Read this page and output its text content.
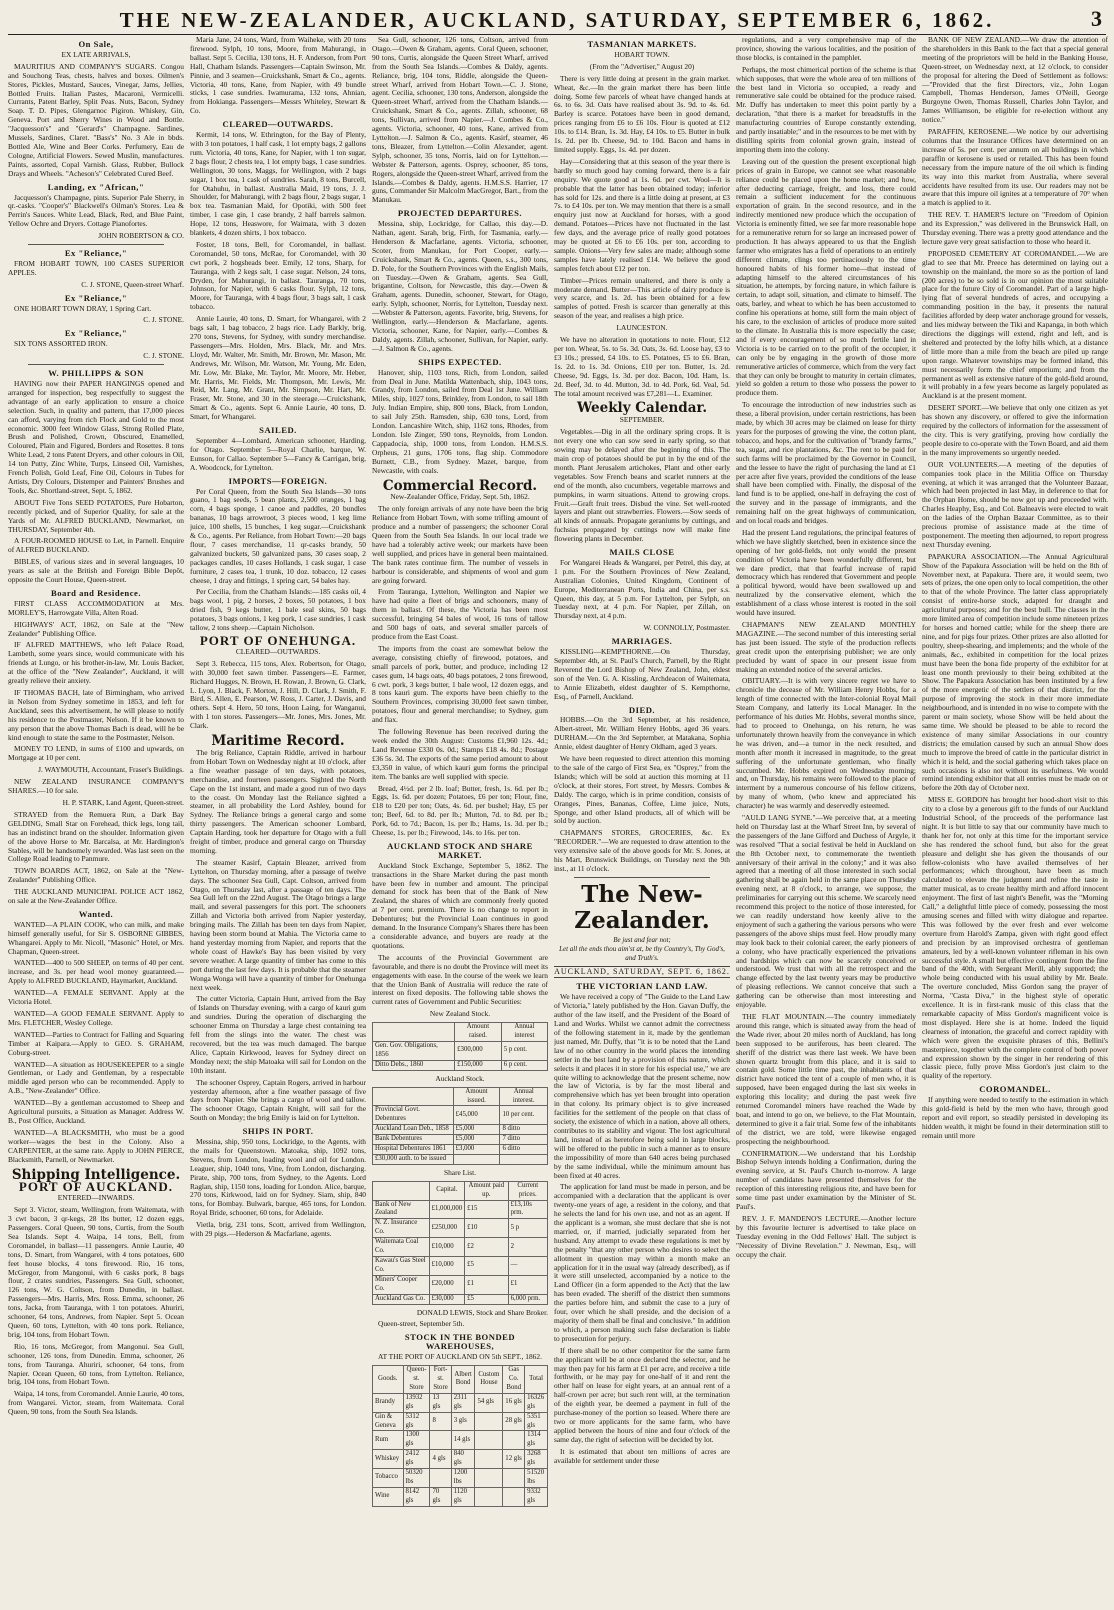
THE NEW-ZEALANDER, AUCKLAND, SATURDAY, SEPTEMBER 6, 1862.	3

On Sale,

EX LATE ARRIVALS,

MAURITIUS AND COMPANY'S SUGARS. Congou and Souchong Teas, chests, halves and boxes. Oilmen's Stores, Pickles, Mustard, Sauces, Vinegar, Jams, Jellies, Bottled Fruits. Italian Pastes, Macaroni, Vermicelli. Currants, Patent Barley, Split Peas. Nuts, Bacon, Sydney Soap. T. D. Pipes, Glengarnoc Pigiron. Whiskey, Gin, Geneva. Port and Sherry Wines in Wood and Bottle. "Jacquesson's" and "Gerard's" Champagne. Sardines, Mussels, Sardines, Claret. "Bass's" No. 3 Ale in bbds. Bottled Ale, Wine and Beer Corks. Perfumery, Eau de Cologne, Artificial Flowers. Sewed Muslin, manufactures. Paints, assorted, Copal Varnish. Glass, Rubber, Bullock Drays and Wheels. "Acheson's" Celebrated Cured Beef.

Landing, ex "African,"

Jacquesson's Champagne, pints. Superior Pale Sherry, in qr.-casks. "Cooper's" Blackwell's Oilman's Stores. Lea & Perrin's Sauces. White Lead, Black, Red, and Blue Paint, Yellow Ochre and Dryers. Cottage Pianofortes.

JOHN ROBERTSON & CO.

Ex "Reliance,"

FROM HOBART TOWN, 100 CASES SUPERIOR APPLES.

C. J. STONE, Queen-street Wharf.

Ex "Reliance,"

ONE HOBART TOWN DRAY, 1 Spring Cart.

C. J. STONE.

Ex "Reliance,"

SIX TONS ASSORTED IRON.

C. J. STONE.

W. PHILLIPPS & SON

HAVING now their PAPER HANGINGS opened and arranged for inspection, beg respectfully to suggest the advantage of an early application to ensure a choice selection. Such, in quality and pattern, that 17,000 pieces can afford, varying from rich Flock and Gold to the most economic. 3000 feet Window Glass, Strong Rolled Plate, Brush and Polished, Crown, Obscured, Enamelled, Coloured, Plain and Figured, Borders and Rosettes. 8 tons White Lead, 2 tons Patent Dryers, and other colours in Oil, 14 ton Putty, Zinc White, Turps, Linseed Oil, Varnishes, French Polish, Gold Leaf, Fine Oil, Colours in Tubes for Artists, Dry Colours, Distemper and Painters' Brushes and Tools, &c. Shortland-street, Sept. 5, 1862.

ABOUT Five Tons SEED POTATOES, Pure Hobarton, recently picked, and of Superior Quality, for sale at the Yards of Mr. ALFRED BUCKLAND, Newmarket, on THURSDAY, September 4th.

A FOUR-ROOMED HOUSE to Let, in Parnell. Enquire of ALFRED BUCKLAND.

BIBLES, of various sizes and in several languages, 10 years as sale at the British and Foreign Bible Depôt, opposite the Court House, Queen-street.

Board and Residence.

FIRST CLASS ACCOMMODATION at Mrs. MORLEY'S, Harrowgate Villa, Alten Road.

HIGHWAYS' ACT, 1862, on Sale at the "New Zealander" Publishing Office.

IF ALFRED MATTHEWS, who left Palace Road, Lambeth, some years since, would communicate with his friends at Lungo, or his brother-in-law, Mr. Louis Backer, at the office of the "New Zealander", Auckland, it will greatly relieve their anxiety.

IF THOMAS BACH, late of Birmingham, who arrived in Nelson from Sydney sometime in 1853, and left for Auckland, sees this advertisement, he will please to notify his residence to the Postmaster, Nelson. If it be known to any person that the above Thomas Bach is dead, will he be kind enough to state the same to the Postmaster, Nelson.

MONEY TO LEND, in sums of £100 and upwards, on Mortgage at 10 per cent.

J. WAYMOUTH, Accountant, Fraser's Buildings.

NEW ZEALAND INSURANCE COMPANY'S SHARES.—10 for sale.

H. P. STARK, Land Agent, Queen-street.

STRAYED from the Remuera Run, a Dark Bay GELDING, Small Star on Forehead, thick legs, long tail, has an indistinct brand on the shoulder. Information given of the above Horse to Mr. Barcalsa, at Mr. Hardington's Stables, will be handsomely rewarded. Was last seen on the College Road leading to Panmure.

TOWN BOARDS ACT, 1862, on Sale at the "New-Zealander" Publishing Office.

THE AUCKLAND MUNICIPAL POLICE ACT 1862, on sale at the New-Zealander Office.

Wanted.

WANTED—A PLAIN COOK, who can milk, and make himself generally useful, for Sir S. OSBORNE GIBBES, Whangarei. Apply to Mr. Nicoll, "Masonic" Hotel, or Mrs. Chapman, Queen-street.

WANTED—400 to 500 SHEEP, on terms of 40 per cent. increase, and 3s. per head wool money guaranteed.—Apply to ALFRED BUCKLAND, Haymarket, Auckland.

WANTED—A FEMALE SERVANT. Apply at the Victoria Hotel.

WANTED—A GOOD FEMALE SERVANT. Apply to Mrs. FLETCHER, Wesley College.

WANTED—Parties to Contract for Falling and Squaring Timber at Kaipara.—Apply to GEO. S. GRAHAM, Coburg-street.

WANTED—A situation as HOUSEKEEPER to a single Gentleman, or Lady and Gentleman, by a respectable middle aged person who can be recommended. Apply to A.B., "New-Zealander" Office.

WANTED—By a gentleman accustomed to Sheep and Agricultural pursuits, a Situation as Manager. Address W. B., Post Office, Auckland.

WANTED—A BLACKSMITH, who must be a good worker—wages the best in the Colony. Also a CARPENTER, at the same rate. Apply to JOHN PIERCE, Blacksmith, Parnell, or Newmarket.

Shipping Intelligence.

PORT OF AUCKLAND.

ENTERED—INWARDS.

Sept 3. Victor, steam, Wellington, from Waitemata, with 3 cwt bacon, 3 qr-kegs, 28 lbs butter, 12 dozen eggs, Passengers. Coral Queen, 90 tons, Curtis, from the South Sea Islands. Sept 4. Waipa, 14 tons, Bell, from Coromandel, in ballast—11 passengers. Annie Laurie, 40 tons, D. Smart, from Wangarei, with 4 tons potatoes, 600 feet house blocks, 4 tons firewood. Rio, 16 tons, McGregor, from Mangonui, with 6 casks pork, 8 bags flour, 2 crates sundries, Passengers. Sea Gull, schooner, 126 tons, W. G. Coltson, from Dunedin, in ballast. Passengers—Mrs. Harris, Mrs. Ross. Emma, schooner, 26 tons, Jacka, from Tauranga, with 1 ton potatoes. Ahuriri, schooner, 64 tons, Andrews, from Napier. Sept 5. Ocean Queen, 60 tons, Lyttelton, with 40 tons pork. Reliance, brig, 104 tons, from Hobart Town.

Rio, 16 tons, McGregor, from Mangonui. Sea Gull, schooner, 126 tons, from Dunedin. Emma, schooner, 26 tons, from Tauranga. Ahuriri, schooner, 64 tons, from Napier. Ocean Queen, 60 tons, from Lyttelton. Reliance, brig, 104 tons, from Hobart Town.

Waipa, 14 tons, from Coromandel. Annie Laurie, 40 tons, from Wangarei. Victor, steam, from Waitemata. Coral Queen, 90 tons, from the South Sea Islands.

Maria Jane, 24 tons, Ward, from Waiheke, with 20 tons firewood. Sylph, 10 tons, Moore, from Mahurangi, in ballast. Sept 5. Cecilia, 130 tons, H. F. Anderson, from Port Hall, Chatham Islands. Passengers—Captain Swinson, Mr. Pinnie, and 3 seamen—Cruickshank, Smart & Co., agents. Victoria, 40 tons, Kane, from Napier, with 49 bundle sticks, 1 case sundries. Iwamurama, 132 tons, Ahnian, from Hokianga. Passengers—Messrs Whiteley, Stewart & Co.

CLEARED—OUTWARDS.

Kermit, 14 tons, W. Ethrington, for the Bay of Plenty, with 3 ton potatoes, 1 half cask, 1 lot empty bags, 2 gallons rum. Victoria, 40 tons, Kane, for Napier, with 1 ton sugar, 2 bags flour, 2 chests tea, 1 lot empty bags, 1 case sundries. Wellington, 30 tons, Maggs, for Wellington, with 2 bags sugar, 1 box tea, 1 cask of sundries. Sarah, 8 tons, Burcell, for Otahuhu, in ballast. Australia Maid, 19 tons, J. J. Shoulder, for Mahurangi, with 2 bags flour, 2 bags sugar, 1 box tea. Tasmanian Maid, for Opotiki, with 500 feet timber, 1 case gin, 1 case brandy, 2 half barrels salmon. Hope, 12 tons, Heaswore, for Waimata, with 3 dozen blankets, 4 dozen shirts, 1 box tobacco.

Foster, 18 tons, Bell, for Coromandel, in ballast. Coromandel, 50 tons, McRae, for Coromandel, with 30 cwt pork, 2 hogsheads beer. Emily, 12 tons, Sharp, for Tauranga, with 2 kegs salt, 1 case sugar. Nelson, 24 tons, Dryden, for Mahurangi, in ballast. Tauranga, 70 tons, Johnson, for Napier, with 6 casks flour. Sylph, 12 tons, Moore, for Tauranga, with 4 bags flour, 3 bags salt, 1 cask tobacco.

Annie Laurie, 40 tons, D. Smart, for Whangarei, with 2 bags salt, 1 bag tobacco, 2 bags rice. Lady Barkly, brig, 270 tons, Stevens, for Sydney, with sundry merchandise. Passengers—Mrs. Holden, Mrs. Black, Mr. and Mrs. Lloyd, Mr. Walter, Mr. Smith, Mr. Brown, Mr. Mason, Mr. Andrews, Mr. Wilson, Mr. Watson, Mr. Young, Mr. Eden, Mr. Low, Mr. Blake, Mr. Taylor, Mr. Moore, Mr. Heber, Mr. Harris, Mr. Fields, Mr. Thompson, Mr. Lewis, Mr. Reid, Mr. Lang, Mr. Grant, Mr. Simpson, Mr. Hart, Mr. Fraser, Mr. Stone, and 30 in the steerage.—Cruickshank, Smart & Co., agents. Sept 6. Annie Laurie, 40 tons, D. Smart, for Whangarei.

SAILED.

September 4—Lombard, American schooner, Harding, for Otago. September 5—Royal Charlie, barque, W. Eunson, for Callao. September 5—Fancy & Carrigan, brig, A. Woodcock, for Lyttelton.

IMPORTS—FOREIGN.

Per Coral Queen, from the South Sea Islands—30 tons guano, 1 bag seeds, 5 bean plants, 2,500 oranges, 1 bag corn, 4 bags sponge, 1 canoe and paddles, 20 bundles bananas, 10 bags arrowroot, 3 pieces wood, 1 keg lime juice, 100 shells, 15 bunches, 1 keg sugar.—Cruickshank & Co., agents. Per Reliance, from Hobart Town:—20 bags flour, 7 cases merchandise, 11 qr-casks brandy, 50 galvanized buckets, 50 galvanized pans, 30 cases soap, 2 packages candles, 10 cases Hollands, 1 cask sugar, 1 case furniture, 2 cases tea, 1 trunk, 10 doz. tobacco, 12 cases cheese, 1 dray and fittings, 1 spring cart, 54 bales hay.

Per Cecilia, from the Chatham Islands:—185 casks oil, 4 bags wool, 1 pig, 2 horses, 2 boxes, 50 potatoes, 1 box dried fish, 9 kegs butter, 1 bale seal skins, 50 bags potatoes, 3 bags onions, 1 keg pork, 1 case sundries, 1 cask tallow, 2 tons sheep.—Captain Nicholson.

PORT OF ONEHUNGA.

CLEARED—OUTWARDS.

Sept 3. Rebecca, 115 tons, Alex. Robertson, for Otago, with 30,000 feet sawn timber. Passengers—E. Farmer, Richard Hugges, N. Brown, H. Rowan, J. Brown, G. Clark, L. Lyon, J. Black, F. Morton, J. Hill, D. Clark, J. Smith, F. Bird, S. Allen, E. Pearson, W. Ross, J. Carter, J. Davis, and others. Sept 4. Hero, 50 tons, Hoon Laing, for Wanganui, with 1 ton stores. Passengers—Mr. Jones, Mrs. Jones, Mr. Clark.

Maritime Record.

The brig Reliance, Captain Riddle, arrived in harbour from Hobart Town on Wednesday night at 10 o'clock, after a fine weather passage of ten days, with potatoes, merchandise, and fourteen passengers. Sighted the North Cape on the 1st instant, and made a good run of two days to the coast. On Monday last the Reliance sighted a steamer, in all probability the Lord Ashley, bound for Sydney. The Reliance brings a general cargo and some thirty passengers. The American schooner Lombard, Captain Harding, took her departure for Otago with a full freight of timber, produce and general cargo on Thursday morning.

The steamer Kasirf, Captain Bleazer, arrived from Lyttelton, on Thursday morning, after a passage of twelve days. The schooner Sea Gull, Capt. Coltson, arrived from Otago, on Thursday last, after a passage of ten days. The Sea Gull left on the 22nd August. The Otago brings a large mail, and several passengers for this port. The schooners Zillah and Victoria both arrived from Napier yesterday, bringing mails. The Zillah has been ten days from Napier, having been storm bound at Mahia. The Victoria came to hand yesterday morning from Napier, and reports that the whole coast of Hawke's Bay has been visited by very severe weather. A large quantity of timber has come to this port during the last few days. It is probable that the steamer Wonga Wonga will have a quantity of timber for Onehunga next week.

The cutter Victoria, Captain Hunt, arrived from the Bay of Islands on Thursday evening, with a cargo of kauri gum and sundries. During the operation of discharging the schooner Emma on Thursday a large chest containing tea fell from the slings into the water. The chest was recovered, but the tea was much damaged. The barque Alice, Captain Kirkwood, leaves for Sydney direct on Monday next; the ship Matoaka will sail for London on the 10th instant.

The schooner Osprey, Captain Rogers, arrived in harbour yesterday afternoon, after a fine weather passage of five days from Napier. She brings a cargo of wool and tallow. The schooner Otago, Captain Knight, will sail for the South on Monday; the brig Emily is laid on for Lyttelton.

SHIPS IN PORT.

Messina, ship, 950 tons, Lockridge, to the Agents, with the mails for Queenstown. Matoaka, ship, 1092 tons, Stevens, from London, loading wool and oil for London. Leaguer, ship, 1040 tons, Vine, from London, discharging. Pirate, ship, 700 tons, from Sydney, to the Agents. Lord Raglan, ship, 1150 tons, loading for London. Alice, barque, 270 tons, Kirkwood, laid on for Sydney. Siam, ship, 840 tons, for Bombay. Bulwark, barque, 465 tons, for London. Royal Bride, schooner, 60 tons, for Adelaide.

Vietla, brig, 231 tons, Scott, arrived from Wellington, with 29 pigs.—Hederson & Macfarlane, agents.

Sea Gull, schooner, 126 tons, Coltson, arrived from Otago.—Owen & Graham, agents. Coral Queen, schooner, 90 tons, Curtis, alongside the Queen Street Wharf, arrived from the South Sea Islands.—Combes & Daldy, agents. Reliance, brig, 104 tons, Riddle, alongside the Queen-street Wharf, arrived from Hobart Town.—C. J. Stone, agent. Cecilia, schooner, 130 tons, Anderson, alongside the Queen-street Wharf, arrived from the Chatham Islands.—Cruickshank, Smart & Co., agents. Zillah, schooner, 68 tons, Sullivan, arrived from Napier.—J. Combes & Co., agents. Victoria, schooner, 40 tons, Kane, arrived from Lyttelton.—J. Salmon & Co., agents. Kasirf, steamer, 46 tons, Bleazer, from Lyttelton.—Colin Alexander, agent. Sylph, schooner, 35 tons, Norris, laid on for Lyttelton.—Webster & Patterson, agents. Osprey, schooner, 85 tons, Rogers, alongside the Queen-street Wharf, arrived from the Islands.—Combes & Daldy, agents. H.M.S.S. Harrier, 17 guns, Commander Sir Malcolm MacGregor, Bart., from the Manukau.

PROJECTED DEPARTURES.

Messina, ship, Lockridge, for Callao, this day.—D. Nathan, agent. Sarah, brig, Firth, for Tasmania, early.—Henderson & Macfarlane, agents. Victoria, schooner, Scoter, from Manukau, for Port Cooper, early.—Cruickshank, Smart & Co., agents. Queen, s.s., 300 tons, D. Pole, for the Southern Provinces with the English Mails, on Tuesday.—Owen & Graham, agents. Sea Gull, brigantine, Coltson, for Newcastle, this day.—Owen & Graham, agents. Dunedin, schooner, Stewart, for Otago, early. Sylph, schooner, Norris, for Lyttelton, Tuesday next.—Webster & Patterson, agents. Favorite, brig, Stevens, for Wellington, early.—Henderson & Macfarlane, agents. Victoria, schooner, Kane, for Napier, early.—Combes & Daldy, agents. Zillah, schooner, Sullivan, for Napier, early.—J. Salmon & Co., agents.

SHIPS EXPECTED.

Hanover, ship, 1103 tons, Rich, from London, sailed from Deal in June. Matilda Wattenbach, ship, 1043 tons, Grandy, from London, sailed from Deal 1st June. William Miles, ship, 1027 tons, Brinkley, from London, to sail 18th July. Indian Empire, ship, 800 tons, Black, from London, to sail July 25th. Ramsden, ship, 630 tons, Lord, from London. Lancashire Witch, ship, 1162 tons, Rhodes, from London. Isle Zinger, 590 tons, Reynolds, from London. Cappadocia, ship, 1000 tons, from London. H.M.S.S. Orpheus, 21 guns, 1706 tons, flag ship. Commodore Burnett, C.B., from Sydney. Mazet, barque, from Newcastle, with coals.

Commercial Record.

New-Zealander Office, Friday, Sept. 5th, 1862.

The only foreign arrivals of any note have been the brig Reliance from Hobart Town, with some trifling amount of produce and a number of passengers; the schooner Coral Queen from the South Sea Islands. In our local trade we have had a tolerably active week; our markets have been well supplied, and prices have in general been maintained. The bank rates continue firm. The number of vessels in harbour is considerable, and shipments of wool and gum are going forward.

From Tauranga, Lyttelton, Wellington and Napier we have had quite a fleet of brigs and schooners, many of them in ballast. Of these, the Victoria has been most successful, bringing 54 bales of wool, 16 tons of tallow and 500 bags of oats, and several smaller parcels of produce from the East Coast.

The imports from the coast are somewhat below the average, consisting chiefly of firewood, potatoes, and small parcels of pork, butter, and produce, including 12 cases gum, 14 bags oats, 40 bags potatoes, 2 tons firewood, 6 cwt. pork, 3 kegs butter, 1 bale wool, 12 dozen eggs, and 8 tons kauri gum. The exports have been chiefly to the Southern Provinces, comprising 30,000 feet sawn timber, potatoes, flour and general merchandise; to Sydney, gum and flax.

The following Revenue has been received during the week ended the 30th August: Customs £1,960 12s. 4d.; Land Revenue £330 0s. 0d.; Stamps £18 4s. 8d.; Postage £36 5s. 3d. The exports of the same period amount to about £3,350 in value, of which kauri gum forms the principal item. The banks are well supplied with specie.

Bread, 4½d. per 2 lb. loaf; Butter, fresh, 1s. 6d. per lb.; Eggs, 1s. 6d. per dozen; Potatoes, £6 per ton; Flour, fine, £18 to £20 per ton; Oats, 4s. 6d. per bushel; Hay, £5 per ton; Beef, 6d. to 8d. per lb.; Mutton, 7d. to 8d. per lb.; Pork, 6d. to 7d.; Bacon, 1s. per lb.; Hams, 1s. 3d. per lb.; Cheese, 1s. per lb.; Firewood, 14s. to 16s. per ton.

AUCKLAND STOCK AND SHARE MARKET.

Auckland Stock Exchange, September 5, 1862. The transactions in the Share Market during the past month have been few in number and amount. The principal demand for stock has been that of the Bank of New Zealand, the shares of which are commonly freely quoted at 7 per cent. premium. There is no change to report in Debentures; but the Provincial Loan continues in good demand. In the Insurance Company's Shares there has been a considerable advance, and buyers are ready at the quotations.

The accounts of the Provincial Government are favourable, and there is no doubt the Province will meet its engagements with ease. In the course of the week we learn that the Union Bank of Australia will reduce the rate of interest on fixed deposits. The following table shows the current rates of Government and Public Securities:

New Zealand Stock.

	Amount raised.	Annual interest
Gen. Gov. Obligations, 1856	£300,000	5 p cent.
Ditto Debs., 1860	£150,000	6 p cent.

Auckland Stock.

	Amount issued.	Annual interest.
Provincial Govt. Debentures	£45,000	10 per cent.
Auckland Loan Deb., 1858	£5,000	8 ditto
Bank Debentures	£5,000	7 ditto
Hospital Debentures 1861	£3,000	6 ditto
£30,000 auth. to be issued		

Share List.

	Capital.	Amount paid up.	Current prices.
Bank of New Zealand	£1,000,000	£15	£13,10s prm.
N. Z. Insurance Co.	£250,000	£10	5 p
Waitemata Coal Co.	£10,000	£2	2
Kawau's Gas Steel Co.	£10,000	£5	—
Miners' Cooper Co.	£20,000	£1	£1
Auckland Gas Co.	£30,000	£5	6,000 prm.

DONALD LEWIS, Stock and Share Broker.

Queen-street, September 5th.

STOCK IN THE BONDED WAREHOUSES,

AT THE PORT OF AUCKLAND ON 5th SEPT., 1862.

Goods.	Queen-st. Store	Fort-st. Store	Albert Bond	Custom House	Gas Co. Bond	Total
Brandy	13932 gls	13 gls	2311 gls	54 gls	16 gls	16326 gls
Gin & Geneva	5312 gls	8	3 gls		28 gls	5351 gls
Rum	1300 gls		14 gls			1314 gls
Whiskey	2412 gls	4 gls	840 gls		12 gls	3268 gls
Tobacco	50320 lbs		1200 lbs			51520 lbs
Wine	8142 gls	70 gls	1120 gls			9332 gls

TASMANIAN MARKETS.

HOBART TOWN.

(From the "Advertiser," August 20)

There is very little doing at present in the grain market. Wheat, &c.—In the grain market there has been little doing. Some few parcels of wheat have changed hands at 6s. to 6s. 3d. Oats have realised about 3s. 9d. to 4s. 6d. Barley is scarce. Potatoes have been in good demand, prices ranging from £6 to £6 10s. Flour is quoted at £12 10s. to £14. Bran, 1s. 3d. Hay, £4 10s. to £5. Butter in bulk 1s. 2d. per lb. Cheese, 9d. to 10d. Bacon and hams in limited supply. Eggs, 1s. 4d. per dozen.

Hay—Considering that at this season of the year there is hardly so much good hay coming forward, there is a fair enquiry. We quote good at 1s. 6d. per cwt. Wool—It is probable that the latter has been obtained today; inferior has sold for 12s. and there is a little doing at present, at £3 7s. to £4 10s. per ton. We may mention that there is a small enquiry just now at Auckland for horses, with a good demand. Potatoes—Prices have not fluctuated in the last few days, and the average price of really good potatoes may be quoted at £6 to £6 10s. per ton, according to sample. Onions—Very few sales are made; although some samples have lately realised £14. We believe the good samples fetch about £12 per ton.

Timber—Prices remain unaltered, and there is only a moderate demand. Butter—This article of dairy produce is very scarce, and 1s. 2d. has been obtained for a few samples of potted. Fresh is scarcer than generally at this season of the year, and realises a high price.

LAUNCESTON.

We have no alteration in quotations to note. Flour, £12 per ton. Wheat, 5s. to 5s. 3d. Oats, 3s. 6d. Loose hay, £3 to £3 10s.; pressed, £4 10s. to £5. Potatoes, £5 to £6. Bran, 1s. 2d. to 1s. 3d. Onions, £10 per ton. Butter, 1s. 2d. Cheese, 9d. Eggs, 1s. 3d. per doz. Bacon, 10d. Ham, 1s. 2d. Beef, 3d. to 4d. Mutton, 3d. to 4d. Pork, 6d. Veal, 5d. The total amount received was £7,281—L. Examiner.

Weekly Calendar.

SEPTEMBER.

Vegetables.—Dig in all the ordinary spring crops. It is not every one who can sow seed in early spring, so that sowing may be delayed after the beginning of this. The main crop of potatoes should be put in by the end of the month. Plant Jerusalem artichokes, Plant and other early vegetables. Sow French beans and scarlet runners at the end of the month, also cucumbers, vegetable marrows and pumpkins, in warm situations. Attend to growing crops. Fruit.—Graft fruit trees. Disbud the vine. Set well-rooted layers and plant out strawberries. Flowers.—Sow seeds of all kinds of annuals. Propagate geraniums by cuttings, and fuchsias propagated by cuttings now will make fine flowering plants in December.

MAILS CLOSE

For Wangarei Heads & Wangarei, per Petrel, this day, at 1 p.m. For the Southern Provinces of New Zealand, Australian Colonies, United Kingdom, Continent of Europe, Mediterranean Ports, India and China, per s.s. Queen, this day, at 5 p.m. For Lyttelton, per Sylph, on Tuesday next, at 4 p.m. For Napier, per Zillah, on Thursday next, at 4 p.m.

W. CONNOLLY, Postmaster.

MARRIAGES.

KISSLING—KEMPTHORNE.—On Thursday, September 4th, at St. Paul's Church, Parnell, by the Right Reverend the Lord Bishop of New Zealand, John, eldest son of the Ven. G. A. Kissling, Archdeacon of Waitemata, to Annie Elizabeth, eldest daughter of S. Kempthorne, Esq., of Parnell, Auckland.

DIED.

HOBBS.—On the 3rd September, at his residence, Albert-street, Mr. William Henry Hobbs, aged 36 years. DURHAM.—On the 3rd September, at Matakana, Sophia Annie, eldest daughter of Henry Oldham, aged 3 years.

We have been requested to direct attention this morning to the sale of the cargo of First Sea, ex "Osprey," from the Islands; which will be sold at auction this morning at 11 o'clock, at their stores, Fort street, by Messrs. Combes & Daldy. The cargo, which is in prime condition, consists of Oranges, Pines, Bananas, Coffee, Lime juice, Nuts, Sponge, and other Island products, all of which will be sold by auction.

CHAPMAN'S STORES, GROCERIES, &c. Ex "RECORDER."—We are requested to draw attention to the very extensive sale of the above goods for Mr. S. Jones, at his Mart, Brunswick Buildings, on Tuesday next the 9th inst., at 11 o'clock.

The New-Zealander.

Be just and fear not;

Let all the ends thou aim'st at, be thy Country's, Thy God's, and Truth's.

AUCKLAND, SATURDAY, SEPT. 6, 1862.

THE VICTORIAN LAND LAW.

We have received a copy of "The Guide to the Land Law of Victoria," lately published by the Hon. Gavan Duffy, the author of the law itself, and the President of the Board of Land and Works. Whilst we cannot admit the correctness of the following statement in it, made by the gentleman just named, Mr. Duffy, that "it is to be noted that the Land law of no other country in the world places the intending settler in the best land by a provision of this nature, which selects it and places it in store for his especial use," we are quite willing to acknowledge that the present scheme, now the law of Victoria, is by far the most liberal and comprehensive which has yet been brought into operation in that colony. Its primary object is to give increased facilities for the settlement of the people on that class of society, the existence of which in a nation, above all others, contributes to its stability and vigour. The lost agricultural land, instead of as heretofore being sold in large blocks, will be offered to the public in such a manner as to ensure the impossibility of more than 640 acres being purchased by the same individual, while the minimum amount has been fixed at 40 acres.

The application for land must be made in person, and be accompanied with a declaration that the applicant is over twenty-one years of age, a resident in the colony, and that he selects the land for his own use, and not as an agent. If the applicant is a woman, she must declare that she is not married, or, if married, judicially separated from her husband. Any attempt to evade these regulations is met by the penalty "that any other person who desires to select the allotment in question may within a month make an application for it in the usual way (already described), as if it were still unselected, accompanied by a notice to the Land Officer (in a form appended to the Act) that the law has been evaded. The sheriff of the district then summons the parties before him, and submit the case to a jury of four, over which he shall preside, and the decision of a majority of them shall be final and conclusive." In addition to which, a person making such false declaration is liable to prosecution for perjury.

If there shall be no other competitor for the same farm the applicant will be at once declared the selector, and he may then pay for his farm at £1 per acre, and receive a title forthwith, or he may pay for one-half of it and rent the other half on lease for eight years, at an annual rent of a half-crown per acre; but such rent will, at the termination of the eighth year, be deemed a payment in full of the purchase-money of the portion so leased. Where there are two or more applicants for the same farm, who have applied between the hours of nine and four o'clock of the same day, the right of selection will be decided by lot.

It is estimated that about ten millions of acres are available for settlement under these

regulations, and a very comprehensive map of the province, showing the various localities, and the position of those blocks, is contained in the pamphlet.

Perhaps, the most chimerical portion of the scheme is that which supposes, that were the whole area of ten millions of the best land in Victoria so occupied, a ready and remunerative sale could be obtained for the produce raised. Mr. Duffy has undertaken to meet this point partly by a declaration, "that there is a market for breadstuffs in the manufacturing countries of Europe constantly extending, and partly insatiable;" and in the resources to be met with by distilling spirits from colonial grown grain, instead of importing them into the colony.

Leaving out of the question the present exceptional high prices of grain in Europe, we cannot see what reasonable reliance could be placed upon the home market; and how, after deducting carriage, freight, and loss, there could remain a sufficient inducement for the continuous exportation of grain. In the second resource, and in the indirectly mentioned new produce which the occupation of Victoria is eminently fitted, we see far more reasonable hope for a remunerative return for so large an increased power of production. It has always appeared to us that the English farmer who emigrates has a field of operations to an entirely different climate, clings too pertinaciously to the time honoured habits of his former home—that instead of adapting himself to the altered circumstances of his situation, he attempts, by forcing nature, in which failure is certain, to adapt soil, situation, and climate to himself. The oats, barley, and wheat to which he has been accustomed to confine his operations at home, still form the main object of his care, to the exclusion of articles of produce more suited to the climate. In Australia this is more especially the case; and if every encouragement of so much fertile land in Victoria is to be carried on to the profit of the occupier, it can only be by engaging in the growth of those more remunerative articles of commerce, which from the very fact that they can only be brought to maturity in certain climates, yield so golden a return to those who possess the power to produce them.

To encourage the introduction of new industries such as these, a liberal provision, under certain restrictions, has been made, by which 30 acres may be claimed on lease for thirty years for the purposes of growing the vine, the cotton plant, tobacco, and hops, and for the cultivation of "brandy farms," tea, sugar, and rice plantations, &c. The rent to be paid for such farms will be proclaimed by the Governor in Council, and the lessee to have the right of purchasing the land at £1 per acre after five years, provided the conditions of the lease shall have been complied with. Finally, the disposal of the land fund is to be applied, one-half in defraying the cost of the survey and in the passage of immigrants, and the remaining half on the great highways of communication, and on local roads and bridges.

Had the present Land regulations, the principal features of which we have slightly sketched, been in existence since the opening of her gold-fields, not only would the present condition of Victoria have been wonderfully different, but we dare predict, that that fearful increase of rapid democracy which has rendered that Government and people a political byword, would have been swallowed up and neutralized by the conservative element, which the establishment of a class whose interest is rooted in the soil would have insured.

CHAPMAN'S NEW ZEALAND MONTHLY MAGAZINE.—The second number of this interesting serial has just been issued. The style of the production reflects great credit upon the enterprising publisher; we are only precluded by want of space in our present issue from making an extended notice of the several articles.

OBITUARY.—It is with very sincere regret we have to chronicle the decease of Mr. William Henry Hobbs, for a length of time connected with the Inter-colonial Royal Mail Steam Company, and latterly its Local Manager. In the performance of his duties Mr. Hobbs, several months since, had to proceed to Onehunga, on his return, he was unfortunately thrown heavily from the conveyance in which he was driven, and—a tumor in the neck resulted, and month after month it increased in magnitude, to the great suffering of the unfortunate gentleman, who finally succumbed. Mr. Hobbs expired on Wednesday morning; and, on Thursday, his remains were followed to the place of interment by a numerous concourse of his fellow citizens, by many of whom, (who knew and appreciated his character) he was warmly and deservedly esteemed.

"AULD LANG SYNE."—We perceive that, at a meeting held on Thursday last at the Wharf Street Inn, by several of the passengers of the Jane Gifford and Duchess of Argyle, it was resolved "That a social festival be held in Auckland on the 8th October next, to commemorate the twentieth anniversary of their arrival in the colony;" and it was also agreed that a meeting of all those interested in such social gathering shall be again held in the same place on Thursday evening next, at 8 o'clock, to arrange, we suppose, the preliminaries for carrying out this scheme. We scarcely need recommend this project to the notice of those interested, for we can readily understand how keenly alive to the enjoyment of such a gathering the various persons who were passengers of the above ships must feel. How proudly many may look back to their colonial career, the early pioneers of a colony, who have practically experienced the privations and hardships which can now be scarcely conceived or understood. We trust that with all the retrospect and the change effected by the last twenty years may be productive of pleasing reflections. We cannot conceive that such a gathering can be otherwise than most interesting and enjoyable.

THE FLAT MOUNTAIN.—The country immediately around this range, which is situated away from the head of the Wade river, about 20 miles north of Auckland, has long been supposed to be auriferous, has been cleared. The sheriff of the district was there last week. We have been shown quartz brought from this place, and it is said to contain gold. Some little time past, the inhabitants of that district have noticed the tent of a couple of men who, it is supposed, have been engaged during the last six weeks in exploring this locality; and during the past week five returned Coromandel miners have reached the Wade by boat, and intend to go on, we believe, to the Flat Mountain, determined to give it a fair trial. Some few of the inhabitants of the district, we are told, were likewise engaged prospecting the neighbourhood.

CONFIRMATION.—We understand that his Lordship Bishop Selwyn intends holding a Confirmation, during the evening service, at St. Paul's Church to-morrow. A large number of candidates have presented themselves for the reception of this interesting religious rite, and have been for some time past under examination by the Minister of St. Paul's.

REV. J. F. MANDENO'S LECTURE.—Another lecture by this favourite lecturer is advertised to take place on Tuesday evening in the Odd Fellows' Hall. The subject is "Necessity of Divine Revelation." J. Newman, Esq., will occupy the chair.

BANK OF NEW ZEALAND.—We draw the attention of the shareholders in this Bank to the fact that a special general meeting of the proprietors will be held in the Banking House, Queen-street, on Wednesday next, at 12 o'clock, to consider the proposal for altering the Deed of Settlement as follows:—"Provided that the first Directors, viz., John Logan Campbell, Thomas Henderson, James O'Neill, George Burgoyne Owen, Thomas Russell, Charles John Taylor, and James Williamson, be eligible for re-election without any notice."

PARAFFIN, KEROSENE.—We notice by our advertising columns that the Insurance Offices have determined on an increase of 5s. per cent. per annum on all buildings in which paraffin or kerosene is used or retailed. This has been found necessary from the impure nature of the oil which is finding its way into this market from Australia, where several accidents have resulted from its use. Our readers may not be aware that this impure oil ignites at a temperature of 70° when a match is applied to it.

THE REV. T. HAMER'S lecture on "Freedom of Opinion and its Expression," was delivered in the Brunswick Hall, on Thursday evening. There was a pretty good attendance and the lecture gave very great satisfaction to those who heard it.

PROPOSED CEMETERY AT COROMANDEL.—We are glad to see that Mr. Preece has determined on laying out a township on the mainland, the more so as the portion of land (200 acres) to be so sold is in our opinion the most suitable place for the future City of Coromandel. Part of a large high-lying flat of several hundreds of acres, and occupying a commanding position in the bay, it presents the natural facilities afforded by deep water anchorage ground for vessels, and lies midway between the Tiki and Kapanga, in both which directions the diggings will extend, right and left, and is sheltered and protected by the lofty hills which, at a distance of little more than a mile from the beach are piled up range upon range. Whatever townships may be formed inland, this must necessarily form the chief emporium; and from the permanent as well as extensive nature of the gold-field around, it will probably in a few years become as largely populated as Auckland is at the present moment.

DESERT SPORT.—We believe that only one citizen as yet has shown any discovery, or offered to give the information required by the collectors of information for the assessment of the city. This is very gratifying, proving how cordially the people desire to co-operate with the Town Board, and aid them in the many improvements so urgently needed.

OUR VOLUNTEERS.—A meeting of the deputies of companies took place in the Militia Office on Thursday evening, at which it was arranged that the Volunteer Bazaar, which had been projected in last May, in deference to that for the Orphan Home, should be now got up and proceeded with. Charles Heaphy, Esq., and Col. Balneavis were elected to wait on the ladies of the Orphan Bazaar Committee, as to their precious promise of assistance made at the time of postponement. The meeting then adjourned, to report progress next Thursday evening.

PAPAKURA ASSOCIATION.—The Annual Agricultural Show of the Papakura Association will be held on the 8th of November next, at Papakura. There are, it would seem, two sets of prizes, the one open only to local competition, the other to that of the whole Province. The latter class appropriately consist of entire-horse stock, adapted for draught and agricultural purposes; and for the best bull. The classes in the more limited area of competition include some nineteen prizes for horses and horned cattle; while for the sheep there are nine, and for pigs four prizes. Other prizes are also allotted for poultry, sheep-shearing, and implements; and the whole of the animals, &c., exhibited in competition for the local prizes must have been the bona fide property of the exhibitor for at least one month previously to their being exhibited at the Show. The Papakura Association has been instituted by a few of the more energetic of the settlers of that district, for the purpose of improving the stock in their more immediate neighbourhood, and is intended in no wise to compete with the parent or main society, whose Show will be held about the same time. We should be pleased to be able to record the existence of many similar Associations in our country districts; the emulation caused by such an annual Show does much to improve the breed of cattle in the particular district in which it is held, and the social gathering which takes place on such occasions is also not without its usefulness. We would remind intending exhibitor that all entries must be made on or before the 20th day of October next.

MISS E. GORDON has brought her hood-short visit to this city to a close by a generous gift to the funds of our Auckland Industrial School, of the proceeds of the performance last night. It is but little to say that our community have much to thank her for, not only at this time for the important service she has rendered the school fund, but also for the great pleasure and delight she has given the thousands of our fellow-colonists who have availed themselves of her performances; which throughout, have been as much calculated to elevate the judgment and refine the taste in matter musical, as to create healthy mirth and afford innocent enjoyment. The first of last night's Benefit, was the "Morning Call," a delightful little piece of comedy, possessing the most amusing scenes and filled with witty dialogue and repartee. This was followed by the ever fresh and ever welcome overture from Harold's Zampa, given with right good effect and precision by an improvised orchestra of gentleman amateurs, led by a well-known volunteer rifleman in his own successful style. A small but effective contingent from the fine band of the 40th, with Sergeant Merill, ably supported; the whole being conducted with his usual ability by Mr. Beale. The overture concluded, Miss Gordon sang the prayer of Norma, "Casta Diva," in the highest style of operatic excellence. It is in first-rank music of this class that the remarkable capacity of Miss Gordon's magnificent voice is most displayed. Here she is at home. Indeed the liquid clearness of intonation, the graceful and correct rapidity with which were given the exquisite phrases of this, Bellini's masterpiece, together with the complete control of both power and expression shown by the singer in her rendering of this classic piece, fully prove Miss Gordon's just claim to the quality of the repertory.

COROMANDEL.

If anything were needed to testify to the estimation in which this gold-field is held by the men who have, through good report and evil report, so steadily persisted in developing its hidden wealth, it might be found in their determination still to remain until more
